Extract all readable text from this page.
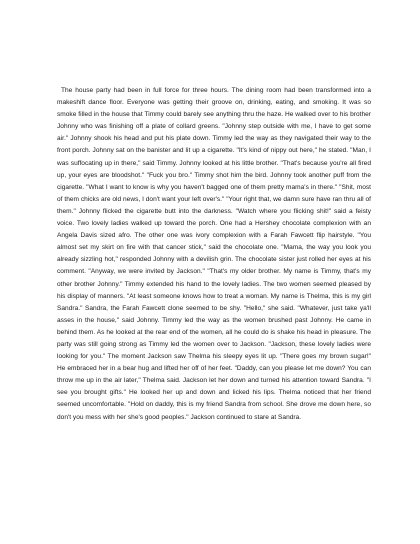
The house party had been in full force for three hours. The dining room had been transformed into a makeshift dance floor. Everyone was getting their groove on, drinking, eating, and smoking. It was so smoke filled in the house that Timmy could barely see anything thru the haze. He walked over to his brother Johnny who was finishing off a plate of collard greens. "Johnny step outside with me, I have to get some air." Johnny shook his head and put his plate down. Timmy led the way as they navigated their way to the front porch. Johnny sat on the banister and lit up a cigarette. "It's kind of nippy out here," he stated. "Man, I was suffocating up in there," said Timmy. Johnny looked at his little brother. "That's because you're all fired up, your eyes are bloodshot." "Fuck you bro." Timmy shot him the bird. Johnny took another puff from the cigarette. "What I want to know is why you haven't bagged one of them pretty mama's in there." "Shit, most of them chicks are old news, I don't want your left over's." "Your right that, we damn sure have ran thru all of them." Johnny flicked the cigarette butt into the darkness. "Watch where you flicking shit!" said a feisty voice. Two lovely ladies walked up toward the porch. One had a Hershey chocolate complexion with an Angela Davis sized afro. The other one was ivory complexion with a Farah Fawcett flip hairstyle. "You almost set my skirt on fire with that cancer stick," said the chocolate one. "Mama, the way you look you already sizzling hot," responded Johnny with a devilish grin. The chocolate sister just rolled her eyes at his comment. "Anyway, we were invited by Jackson." "That's my older brother. My name is Timmy, that's my other brother Johnny." Timmy extended his hand to the lovely ladies. The two women seemed pleased by his display of manners. "At least someone knows how to treat a woman. My name is Thelma, this is my girl Sandra." Sandra, the Farah Fawcett clone seemed to be shy. "Hello," she said. "Whatever, just take ya'll asses in the house," said Johnny. Timmy led the way as the women brushed past Johnny. He came in behind them. As he looked at the rear end of the women, all he could do is shake his head in pleasure. The party was still going strong as Timmy led the women over to Jackson. "Jackson, these lovely ladies were looking for you." The moment Jackson saw Thelma his sleepy eyes lit up. "There goes my brown sugar!" He embraced her in a bear hug and lifted her off of her feet. "Daddy, can you please let me down? You can throw me up in the air later," Thelma said. Jackson let her down and turned his attention toward Sandra. "I see you brought gifts." He looked her up and down and licked his lips. Thelma noticed that her friend seemed uncomfortable. "Hold on daddy, this is my friend Sandra from school. She drove me down here, so don't you mess with her she's good peoples." Jackson continued to stare at Sandra.
